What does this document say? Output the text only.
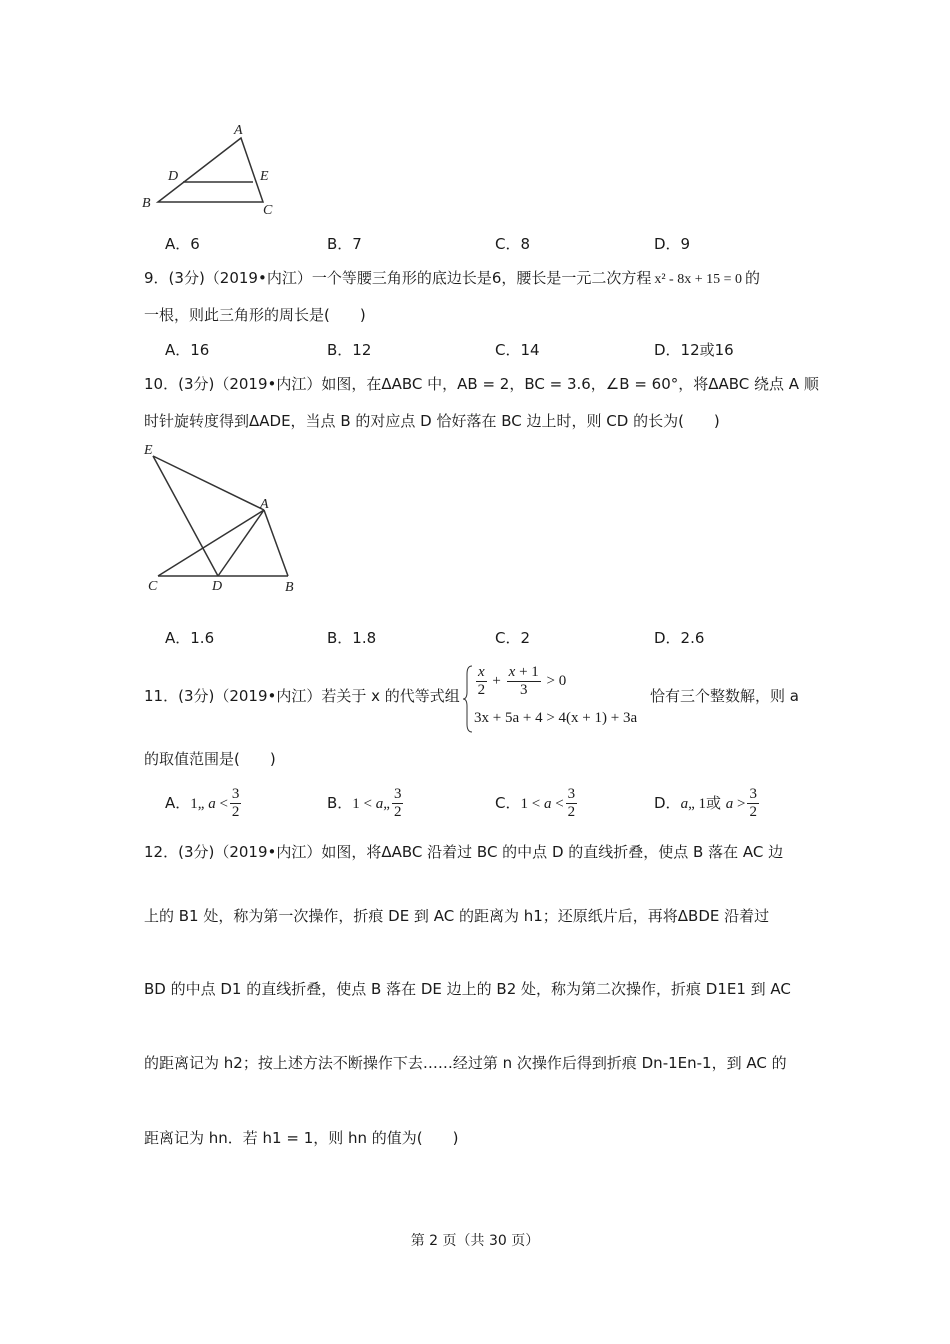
A
B	C
D	E
A．6	B．7	C．8	D．9
9．(3分)（2019•内江）一个等腰三角形的底边长是6，腰长是一元二次方程 x² - 8x + 15 = 0 的
一根，则此三角形的周长是(　　)
A．16	B．12	C．14	D．12或16
10．(3分)（2019•内江）如图，在ΔABC 中，AB = 2，BC = 3.6，∠B = 60°，将ΔABC 绕点 A 顺
时针旋转度得到ΔADE，当点 B 的对应点 D 恰好落在 BC 边上时，则 CD 的长为(　　)
E
A
C	D	B
A．1.6	B．1.8	C．2	D．2.6
11．(3分)（2019•内江）若关于 x 的代等式组 $\frac{x}{2} + \frac{x + 1}{3} > 0$
3x + 5a + 4 > 4(x + 1) + 3a
恰有三个整数解，则 a
的取值范围是(　　)
A．1„ $a < \frac{3}{2}$	B．1 < a„ $\frac{3}{2}$	C．$1 < a < \frac{3}{2}$	D．a„ 1或 $a > \frac{3}{2}$
12．(3分)（2019•内江）如图，将ΔABC 沿着过 BC 的中点 D 的直线折叠，使点 B 落在 AC 边
上的 B1 处，称为第一次操作，折痕 DE 到 AC 的距离为 h1；还原纸片后，再将ΔBDE 沿着过
BD 的中点 D1 的直线折叠，使点 B 落在 DE 边上的 B2 处，称为第二次操作，折痕 D1E1 到 AC
的距离记为 h2；按上述方法不断操作下去……经过第 n 次操作后得到折痕 Dn-1En-1，到 AC 的
距离记为 hn．若 h1 = 1，则 hn 的值为(　　)
第 2 页（共 30 页）
